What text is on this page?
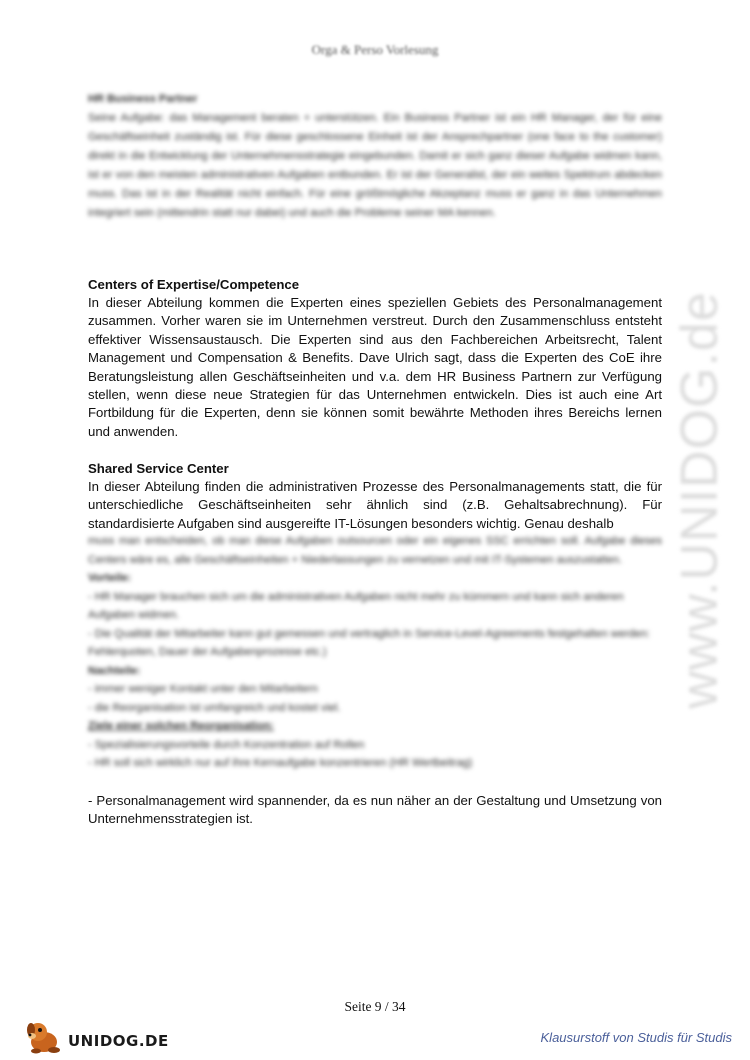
Orga & Perso Vorlesung

HR Business Partner

Seine Aufgabe: das Management beraten + unterstützen. Ein Business Partner ist ein HR Manager, der für eine Geschäftseinheit zuständig ist. Für diese geschlossene Einheit ist der Ansprechpartner (one face to the customer) direkt in die Entwicklung der Unternehmensstrategie eingebunden. Damit er sich ganz dieser Aufgabe widmen kann, ist er von den meisten administrativen Aufgaben entbunden. Er ist der Generalist, der ein weites Spektrum abdecken muss. Das ist in der Realität nicht einfach. Für eine größtmögliche Akzeptanz muss er ganz in das Unternehmen integriert sein (mittendrin statt nur dabei) und auch die Probleme seiner MA kennen.

Centers of Expertise/Competence

In dieser Abteilung kommen die Experten eines speziellen Gebiets des Personalmanagement zusammen. Vorher waren sie im Unternehmen verstreut. Durch den Zusammenschluss entsteht effektiver Wissensaustausch. Die Experten sind aus den Fachbereichen Arbeitsrecht, Talent Management und Compensation & Benefits. Dave Ulrich sagt, dass die Experten des CoE ihre Beratungsleistung allen Geschäftseinheiten und v.a. dem HR Business Partnern zur Verfügung stellen, wenn diese neue Strategien für das Unternehmen entwickeln. Dies ist auch eine Art Fortbildung für die Experten, denn sie können somit bewährte Methoden ihres Bereichs lernen und anwenden.

Shared Service Center

In dieser Abteilung finden die administrativen Prozesse des Personalmanagements statt, die für unterschiedliche Geschäftseinheiten sehr ähnlich sind (z.B. Gehaltsabrechnung). Für standardisierte Aufgaben sind ausgereifte IT-Lösungen besonders wichtig. Genau deshalb

muss man entscheiden, ob man diese Aufgaben outsourcen oder ein eigenes SSC errichten soll. Aufgabe dieses Centers wäre es, alle Geschäftseinheiten + Niederlassungen zu vernetzen und mit IT-Systemen auszustatten.

Vorteile:

- HR Manager brauchen sich um die administrativen Aufgaben nicht mehr zu kümmern und kann sich anderen Aufgaben widmen.

- Die Qualität der Mitarbeiter kann gut gemessen und vertraglich in Service-Level-Agreements festgehalten werden: Fehlerquoten, Dauer der Aufgabenprozesse etc.)

Nachteile:

- immer weniger Kontakt unter den Mitarbeitern

- die Reorganisation ist umfangreich und kostet viel.

Ziele einer solchen Reorganisation:

- Spezialisierungsvorteile durch Konzentration auf Rollen

- HR soll sich wirklich nur auf ihre Kernaufgabe konzentrieren (HR Wertbeitrag)

- Personalmanagement wird spannender, da es nun näher an der Gestaltung und Umsetzung von Unternehmensstrategien ist.

www.UNIDOG.de
Seite 9 / 34
UNIDOG.DE	Klausurstoff von Studis für Studis
